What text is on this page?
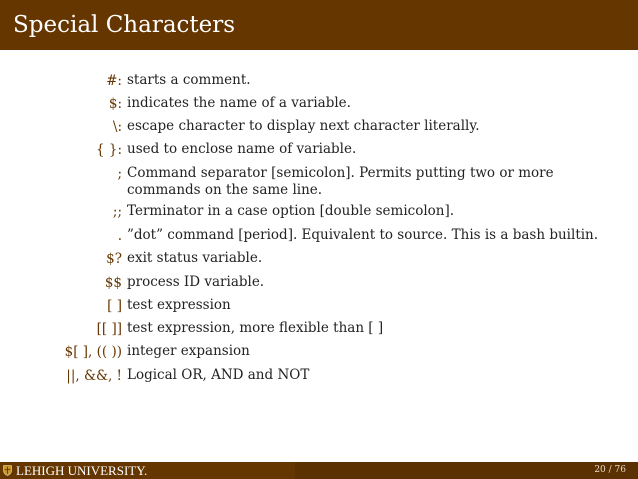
Special Characters
#: starts a comment.
$: indicates the name of a variable.
\: escape character to display next character literally.
{ }: used to enclose name of variable.
; Command separator [semicolon]. Permits putting two or more commands on the same line.
;; Terminator in a case option [double semicolon].
. ”dot” command [period]. Equivalent to source. This is a bash builtin.
$? exit status variable.
$$ process ID variable.
[ ] test expression
[[ ]] test expression, more flexible than [ ]
$[ ], (( )) integer expansion
||, &&, ! Logical OR, AND and NOT
LEHIGH UNIVERSITY.	20 / 76
